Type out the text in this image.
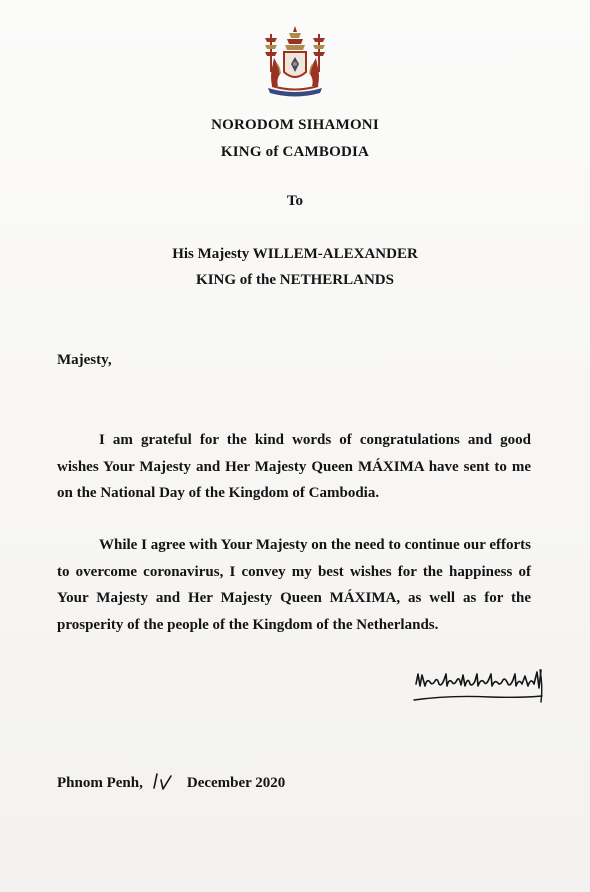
NORODOM SIHAMONI
KING of CAMBODIA
To
His Majesty WILLEM-ALEXANDER
KING of the NETHERLANDS
Majesty,
I am grateful for the kind words of congratulations and good wishes Your Majesty and Her Majesty Queen MÁXIMA have sent to me on the National Day of the Kingdom of Cambodia.
While I agree with Your Majesty on the need to continue our efforts to overcome coronavirus, I convey my best wishes for the happiness of Your Majesty and Her Majesty Queen MÁXIMA, as well as for the prosperity of the people of the Kingdom of the Netherlands.
Phnom Penh,	December 2020
